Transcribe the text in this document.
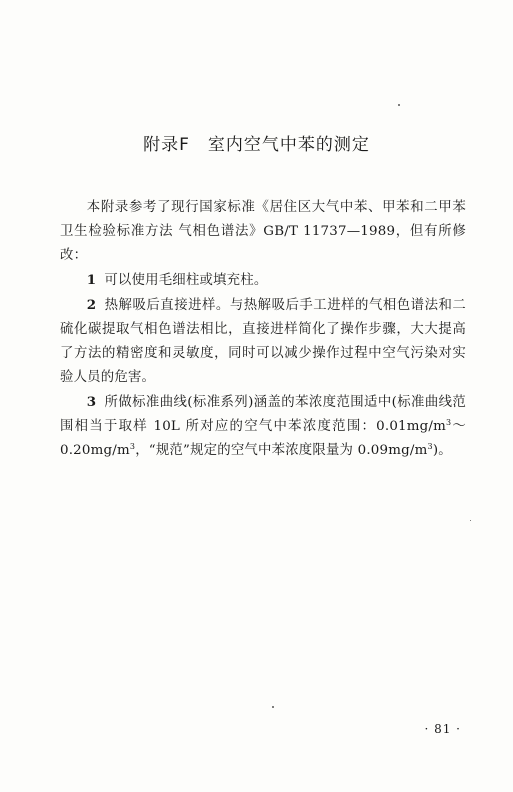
附录F 室内空气中苯的测定

本附录参考了现行国家标准《居住区大气中苯、甲苯和二甲苯卫生检验标准方法 气相色谱法》GB/T 11737—1989，但有所修改：

1 可以使用毛细柱或填充柱。

2 热解吸后直接进样。与热解吸后手工进样的气相色谱法和二硫化碳提取气相色谱法相比，直接进样简化了操作步骤，大大提高了方法的精密度和灵敏度，同时可以减少操作过程中空气污染对实验人员的危害。

3 所做标准曲线(标准系列)涵盖的苯浓度范围适中(标准曲线范围相当于取样 10L 所对应的空气中苯浓度范围：$0.01mg/m^3\sim 0.20mg/m^3$，“规范”规定的空气中苯浓度限量为 $0.09mg/m^3$)。

· 81 ·
